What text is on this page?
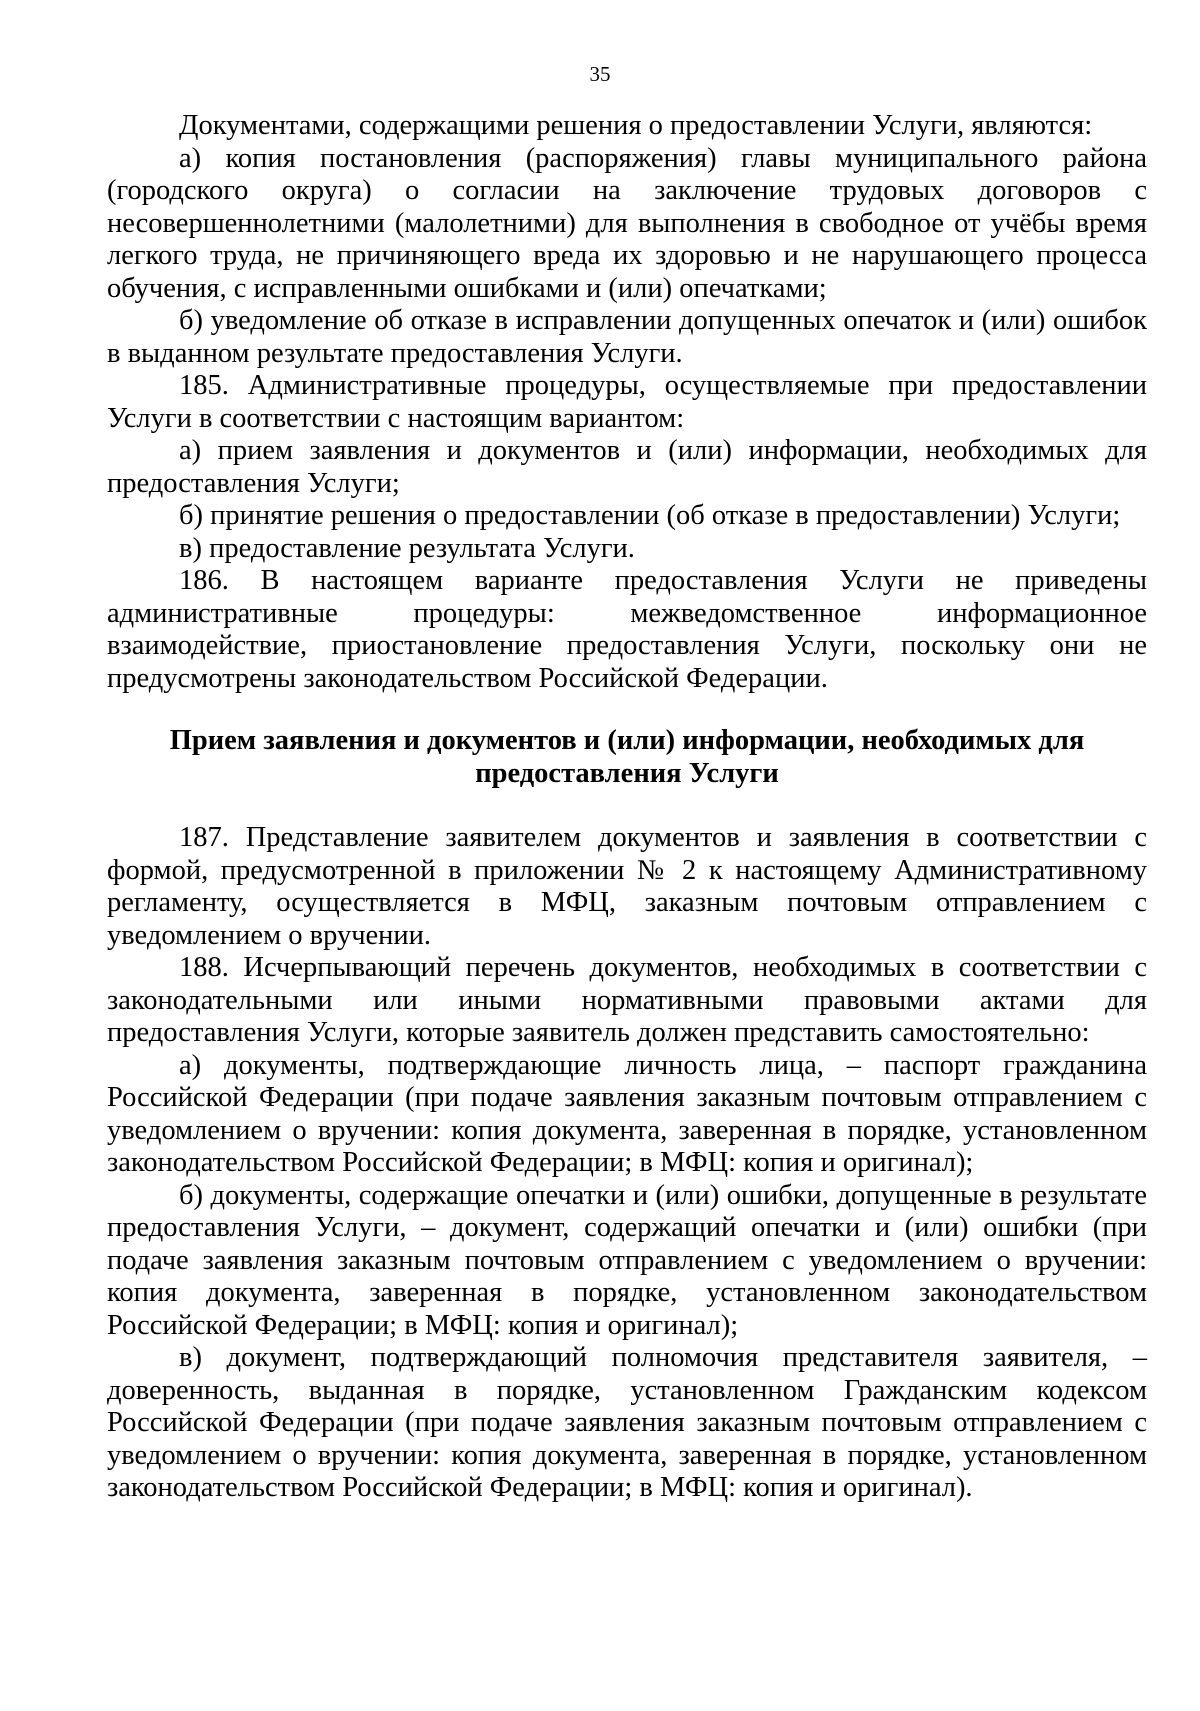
35

Документами, содержащими решения о предоставлении Услуги, являются:

а) копия постановления (распоряжения) главы муниципального района (городского округа) о согласии на заключение трудовых договоров с несовершеннолетними (малолетними) для выполнения в свободное от учёбы время легкого труда, не причиняющего вреда их здоровью и не нарушающего процесса обучения, с исправленными ошибками и (или) опечатками;

б) уведомление об отказе в исправлении допущенных опечаток и (или) ошибок в выданном результате предоставления Услуги.

185. Административные процедуры, осуществляемые при предоставлении Услуги в соответствии с настоящим вариантом:

а) прием заявления и документов и (или) информации, необходимых для предоставления Услуги;

б) принятие решения о предоставлении (об отказе в предоставлении) Услуги;

в) предоставление результата Услуги.

186. В настоящем варианте предоставления Услуги не приведены административные процедуры: межведомственное информационное взаимодействие, приостановление предоставления Услуги, поскольку они не предусмотрены законодательством Российской Федерации.

Прием заявления и документов и (или) информации, необходимых для предоставления Услуги

187. Представление заявителем документов и заявления в соответствии с формой, предусмотренной в приложении № 2 к настоящему Административному регламенту, осуществляется в МФЦ, заказным почтовым отправлением с уведомлением о вручении.

188. Исчерпывающий перечень документов, необходимых в соответствии с законодательными или иными нормативными правовыми актами для предоставления Услуги, которые заявитель должен представить самостоятельно:

а) документы, подтверждающие личность лица, – паспорт гражданина Российской Федерации (при подаче заявления заказным почтовым отправлением с уведомлением о вручении: копия документа, заверенная в порядке, установленном законодательством Российской Федерации; в МФЦ: копия и оригинал);

б) документы, содержащие опечатки и (или) ошибки, допущенные в результате предоставления Услуги, – документ, содержащий опечатки и (или) ошибки (при подаче заявления заказным почтовым отправлением с уведомлением о вручении: копия документа, заверенная в порядке, установленном законодательством Российской Федерации; в МФЦ: копия и оригинал);

в) документ, подтверждающий полномочия представителя заявителя, – доверенность, выданная в порядке, установленном Гражданским кодексом Российской Федерации (при подаче заявления заказным почтовым отправлением с уведомлением о вручении: копия документа, заверенная в порядке, установленном законодательством Российской Федерации; в МФЦ: копия и оригинал).
